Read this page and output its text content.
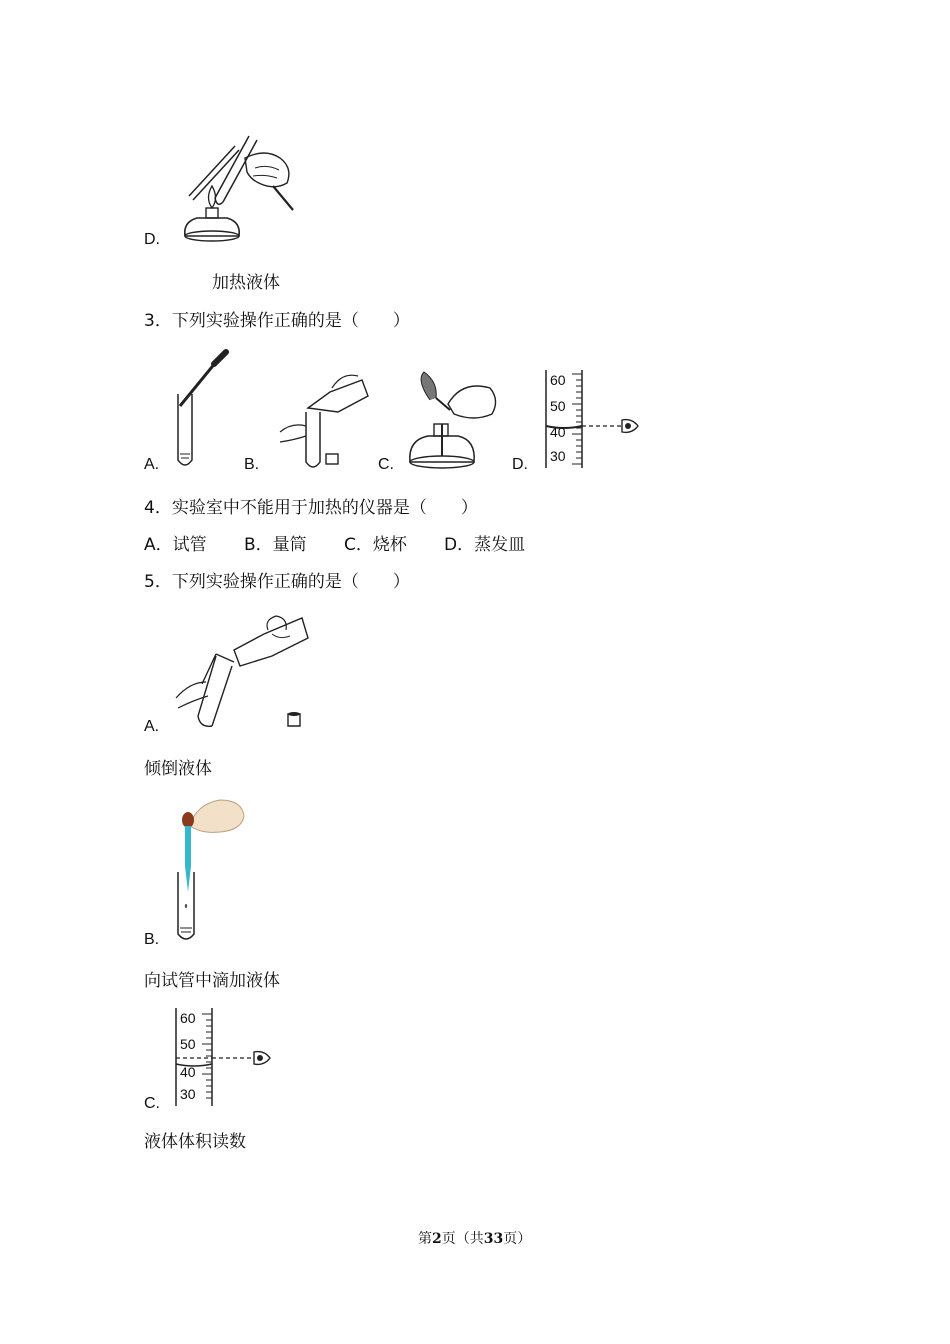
D.
加热液体
3．下列实验操作正确的是（　　）
A.	B.	C.
60
50
40
30
D.
4．实验室中不能用于加热的仪器是（　　）
A．试管 B．量筒 C．烧杯 D．蒸发皿
5．下列实验操作正确的是（　　）
A.
倾倒液体
B.
向试管中滴加液体
60
50
40
30
C.
液体体积读数
第2页（共33页）
